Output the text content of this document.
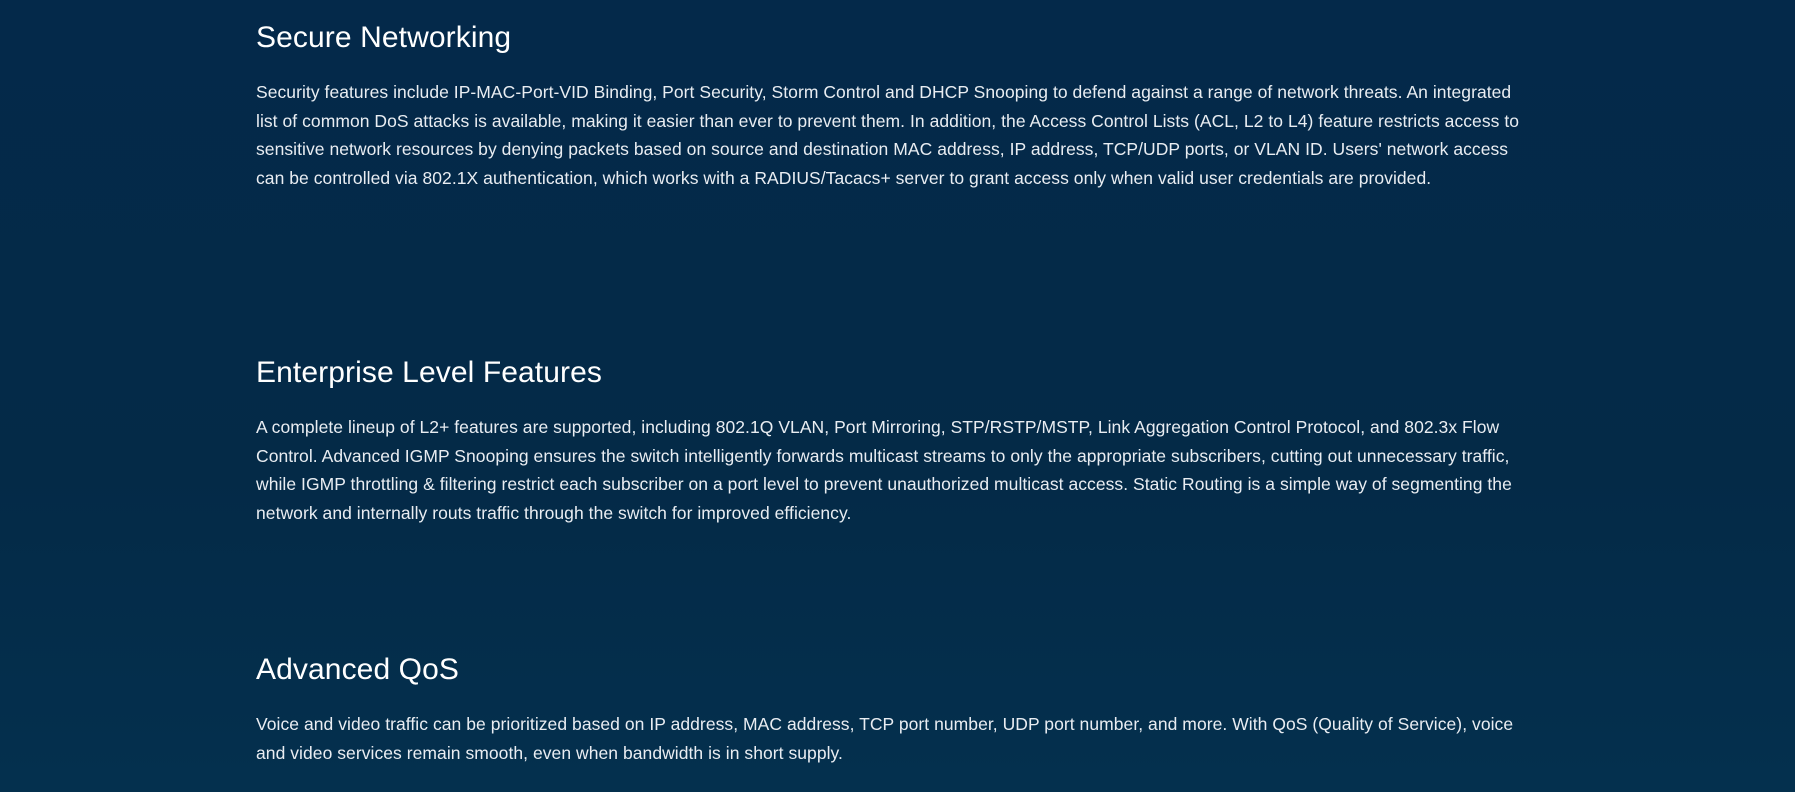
Secure Networking

Security features include IP-MAC-Port-VID Binding, Port Security, Storm Control and DHCP Snooping to defend against a range of network threats. An integrated list of common DoS attacks is available, making it easier than ever to prevent them. In addition, the Access Control Lists (ACL, L2 to L4) feature restricts access to sensitive network resources by denying packets based on source and destination MAC address, IP address, TCP/UDP ports, or VLAN ID. Users' network access can be controlled via 802.1X authentication, which works with a RADIUS/Tacacs+ server to grant access only when valid user credentials are provided.

Enterprise Level Features

A complete lineup of L2+ features are supported, including 802.1Q VLAN, Port Mirroring, STP/RSTP/MSTP, Link Aggregation Control Protocol, and 802.3x Flow Control. Advanced IGMP Snooping ensures the switch intelligently forwards multicast streams to only the appropriate subscribers, cutting out unnecessary traffic, while IGMP throttling & filtering restrict each subscriber on a port level to prevent unauthorized multicast access. Static Routing is a simple way of segmenting the network and internally routs traffic through the switch for improved efficiency.

Advanced QoS

Voice and video traffic can be prioritized based on IP address, MAC address, TCP port number, UDP port number, and more. With QoS (Quality of Service), voice and video services remain smooth, even when bandwidth is in short supply.
